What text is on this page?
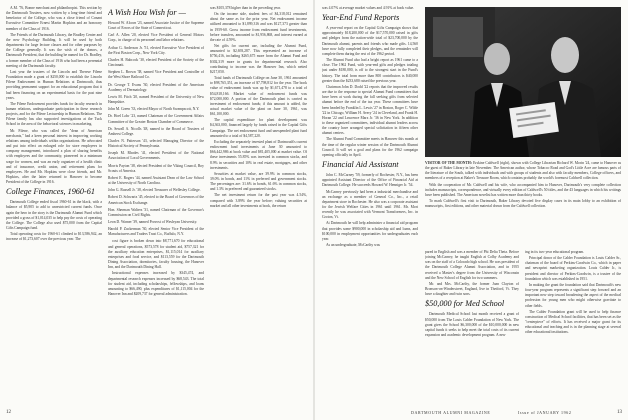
A.M. '76, Bonne merchant and philanthropist. This section by the Dartmouth Trustees, now written by a long-time friend and benefactor of the College, who was a close friend of Conant Executive Committee Ernest Martin Hopkins and an honorary member of the Class of 1916.

The Friends of the Dartmouth Library, the Bradley Center and the new Psychology Building. It will be used by both departments for large lecture classes and for other purposes by the College generally. It was the wish of the donors, a Dartmouth President, that the building be named for Dr. Bradley, a former member of the Class of 1916 who had been a perennial meeting of the Dartmouth faculty.

Last year the trustees of the Lincoln and Therese Filene Foundation made a grant of $250,000 to establish the Lincoln Filene Endowment in Human Relations at Dartmouth, thus providing permanent support for an educational program that it had been financing on an experimental basis for the past nine years.

The Filene Endowment provides funds for faculty research in human relations, undergraduate participation in these research projects, and for the Filene Lectureship in Human Relations. The Filene family has also supported investigations at the Tuck School in the area of the behavioral sciences in marketing.

Mr. Filene, who was called the "dean of American merchants," had a keen personal interest in improving working relations among individuals within organizations. He advocated and put into effect an enlarged role for store employees in company management, introduced a plan of sharing benefits with employees and the community, pioneered in a minimum wage for women, and was an early organizer of a health clinic and of insurance, credit union, and retirement plans for employees. He and Mr. Hopkins were close friends, and Mr. Hopkins, after the latter returned to Hanover to become President of the College in 1916.

College Finances, 1960-61

Dartmouth College ended fiscal 1960-61 in the black, with a balance of $5,905 to add to unrestricted current funds. Once again the hero in the story is the Dartmouth Alumni Fund which provided a gross of $1,014,035 to help pay the costs of operating the College. The College also used $75,000 from the Capital Gifts Campaign fund.

Total operating costs for 1960-61 climbed to $13,586,942, an increase of $1,273,607 over the previous year. The

A Wish Hou Wish for —

Howard W. Alcorn '23, named Associate Justice of the Supreme Court of Errors of the State of Connecticut.

Carl A. Allen '20, elected Vice President of General Motors Corp., in charge of its personnel and labor relations.

Arthur G. Anderson Jr. '51, elected Executive Vice President of the First Boston Corp., New York City.

Charles H. Babcock '30, elected President of the Society of the Cincinnati.

Stephen L. Brown '38, named Vice President and Controller of the West Shore Railroad Co.

Dr. George T. Evans '30, elected President of the American Academy of Dermatology.

Lewis M. Fitch '20, named President of the University of New Hampshire.

John M. Green '33, elected Mayor of North Swampscott, N.Y.

Dr. Hoel Lohr '23, named Chairman of the Government Affairs Committee of the Greater Boston Chamber of Commerce.

Dr. Sewall A. Nicolls '48, named to the Board of Trustees of Amherst College.

Charles N. Patterson '43, selected Managing Director of the Historical Society of Pennsylvania.

Joseph M. Rhodes '41, elected President of the National Association of Local Governments.

Morris Payton '38, elected President of the Viking Council, Boy Scouts of America.

Robert E. Rogers '44, named Assistant Dean of the Law School at the University of North Carolina.

John G. Russell Jr. '38, elected Treasurer of Wellesley College.

Robert D. Schwartz '45, elected to the Board of Governors of the American Stock Exchange.

Hon. Sherman Walters '31, named Chairman of the Governor's Commission on Civil Rights.

Leon D. Warner '39, named Provost of Wesleyan University.

Harold P. Zuckerman '30, elected Senior Vice President of the Manufacturers and Traders Trust Co., Buffalo, N.Y.

cost figure is broken down into $8,771,670 for educational and general operations, $573,578 for student aid, $757,321 for the auxiliary education enterprises, $1,115,014 for auxiliary enterprises and food service, and $113,559 for the Dartmouth Dining Association, dormitories, faculty housing, the Hanover Inn, and the Dartmouth Dining Hall.

Instructional expenses increased by $345,474, and departmental research expenses increased by $68,543. The total for student aid, including scholarships, fellowships, and loans amounting to $66,490, plus expenditures of $1,115,004 for the Hanover Inn and $209,737 for general administration.

was $105,378 higher than in the preceding year.

On the income side, student fees of $4,318,012 remained about the same as for the prior year. Net endowment income utilized amounted to $1,899,316 and was $127,373 greater than in 1959-60. Gross income from endowment fund investments, before transfers, amounted to $1,956,868, and interest earned at the rate of 4.59%.

Net gifts for current use, including the Alumni Fund, amounted to $2,693,287. This represented an increase of $756,416, including $265,675 more from the Alumni Fund and $302,319 more in grants for departmental research. Also contributing to income was the Hanover Inn, which netted $217,050.

Total funds of Dartmouth College on June 30, 1961 amounted to $98,765,351, an increase of $7,798,812 for the year. The book value of endowment funds was up by $1,671,478 to a total of $54,818,166. Market value of endowment funds was $72,000,000. A portion of the Dartmouth plant is carried as investment of endowment funds; if this amount is added, the actual market value of the plant on June 30, 1961, was $61,100,000.

The capital expenditure for plant development was $4,363,000, financed largely by funds raised in the Capital Gifts Campaign. The net endowment fund and unexpended plant fund amounted to a total of $4,587,220.

Excluding the separately invested plant of Dartmouth's current endowment fund investments at June 30 amounted to $66,442,986 at book value and $81,405,000 at market value. Of these investments 55.85% was invested in common stocks, and 8.9% in securities and 10% in real estate, mortgages, and other investments.

Securities at market value, are 39.9% in common stocks, 39.0% in bonds, and 11% in preferred and government stocks. The percentages are: 31.6% in bonds, 61.6% in common stocks, and 1.3% in preferred and guaranteed stocks.

The net investment return for the past year was 4.54%, compared with 3.89% the year before; valuing securities at market and all other investments at book, the return

12

was 4.07% at average market values and 4.91% at book value.

Year-End Fund Reports

A year-end report on the Capital Gifts Campaign shows that approximately $18,200,000 of the $17,570,000 raised in gifts and pledges from the nation-wide total of $23,700,000 by the Dartmouth alumni, parents and friends who made gifts. 14,560 have now fully completed their pledges, and the remainder will complete them during the rest of the 1962 period.

The Alumni Fund also had a bright report as 1961 came to a close. The 1962 Fund, with year-end gifts and pledges totaling just under $180,000, is off to the strongest start in the Fund's history. The total from more than 800 contributors is $40,000 greater than the $233,680 raised the previous year.

Chairman John D. Dodd '22 reports that the improved results are due to the response to special Alumni Fund committees that have been at work during the fall seeking gifts from selected alumni before the end of the tax year. These committees have been headed by Franklin L. Lewis '27 in Boston, Roger C. Wilde '22 in Chicago, William H. Avery '24 in Cleveland, and Frank H. Horan '22 and Lawrence Marx Jr. '36 in New York. In addition to these organized committees, individual alumni leaders across the country have arranged special solicitation in fifteen other alumni centers.

The Alumni Fund Committee meets in Hanover this month at the time of the regular winter session of the Dartmouth Alumni Council. It will set a goal and plans for the 1962 campaign opening officially in April.

Financial Aid Assistant

John C. McCarney '59, formerly of Rochester, N.Y., has been appointed Assistant Director of the Office of Financial Aid at Dartmouth College. He succeeds Howard W. Henniger Jr. '54.

McCarney previously had been a industrial merchandise and an exchange as a member of General Co., Inc., a retail department store in Rochester. He also was a corporate assistant for the Jewish Welfare Cities in 1961 until 1961. Mr. Mort recently he was associated with Vermont Transformers, Inc. in Groton, Vt.

At Dartmouth he will help administer a financial aid program that provides some $900,000 in scholarship aid and loans, and $100,000 in employment opportunities for undergraduates each year.

As an undergraduate, McCarthy was

VISITOR OF THE MONTH: Erskine Caldwell (right), shown with College Librarian Richard W. Morin '24, came to Hanover as the guest of Baker Library in late November. The American author, whose Tobacco Road and God's Little Acre are famous parts of the literature of the South, talked with individuals and with groups of students and also with faculty members, College officers, and members of a reception at Baker's Treasure Room, which contains probably the world's foremost Caldwell collection.

With the cooperation of Mr. Caldwell and his wife, who accompanied him to Hanover, Dartmouth's very complete collection includes manuscripts, correspondence, and virtually every edition of Caldwell's 50 titles, and the 43 languages in which his writings have been published. The American novelist has written more than thirty books.

To mark Caldwell's first visit to Dartmouth, Baker Library devoted five display cases in its main lobby to an exhibition of manuscripts, first editions, and other material drawn from the Caldwell collection.

pared in English and was a member of Phi Delta Theta. Before joining McCarney, he taught English at Colby Academy and was on the staff of a Colorado high school. He was president of the Dartmouth College Alumni Association, and in 1955 received a Master's degree from the University of Wisconsin and the New School of English for two summers.

Mr. and Mrs. McCarthy, the former Joan Clayton of Bronson-on-Winderstreet, England, live in Thetford, Vt. They have a daughter and twin sons.

$50,000 for Med School

Dartmouth Medical School last month received a grant of $50,000 from The Louis Calder Foundation of New York. The grant gives the School $6,300,000 of the $10,000,000 in new capital funds it seeks to help meet the total costs of its current expansion and academic development program. A new

ing in its two-year educational program.

Principal donor of the Calder Foundation is Louis Calder Sr., chairman of the board of Perkins-Goodwin Co., which in paper and newsprint marketing organization. Louis Calder Jr., is president and director of Perkins-Goodwin, is a trustee of the foundation which was established in 1951.

In making the grant the foundation said that Dartmouth's new four-year program represents a significant step forward and an important new step toward broadening the aspect of the medical profession for young men who might otherwise gravitate to other fields.

The Calder Foundation grant will be used to help finance construction of Medical School facilities, that has been set as the "centerpiece" of efforts. It has received a major grant for its educational and teaching and is in the planning stage at several other educational institutions.

DARTMOUTH ALUMNI MAGAZINE	Issue of JANUARY 1962	13
